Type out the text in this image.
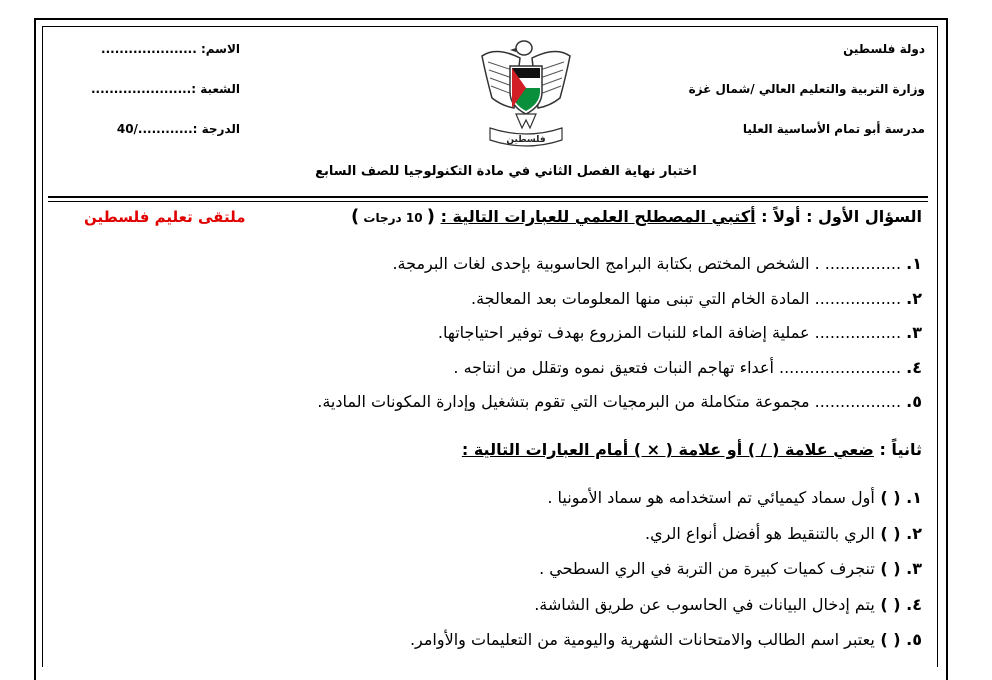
دولة فلسطين
وزارة التربية والتعليم العالي /شمال غزة
مدرسة أبو تمام الأساسية العليا
الاسم: .....................
الشعبة :......................
الدرجة :............/40
فلسطين
اختبار نهاية الفصل الثاني في مادة التكنولوجيا للصف السابع
السؤال الأول : أولاً : أكتبي المصطلح العلمي للعبارات التالية : ( 10 درجات )
ملتقى تعليم فلسطين
١. ............... . الشخص المختص بكتابة البرامج الحاسوبية بإحدى لغات البرمجة.
٢. ................. المادة الخام التي تبنى منها المعلومات بعد المعالجة.
٣. ................. عملية إضافة الماء للنبات المزروع بهدف توفير احتياجاتها.
٤. ........................ أعداء تهاجم النبات فتعيق نموه وتقلل من انتاجه .
٥. ................. مجموعة متكاملة من البرمجيات التي تقوم بتشغيل وإدارة المكونات المادية.
ثانياً : ضعي علامة ( / ) أو علامة ( × ) أمام العبارات التالية :
١. ( ) أول سماد كيميائي تم استخدامه هو سماد الأمونيا .
٢. ( ) الري بالتنقيط هو أفضل أنواع الري.
٣. ( ) تنجرف كميات كبيرة من التربة في الري السطحي .
٤. ( ) يتم إدخال البيانات في الحاسوب عن طريق الشاشة.
٥. ( ) يعتبر اسم الطالب والامتحانات الشهرية واليومية من التعليمات والأوامر.
